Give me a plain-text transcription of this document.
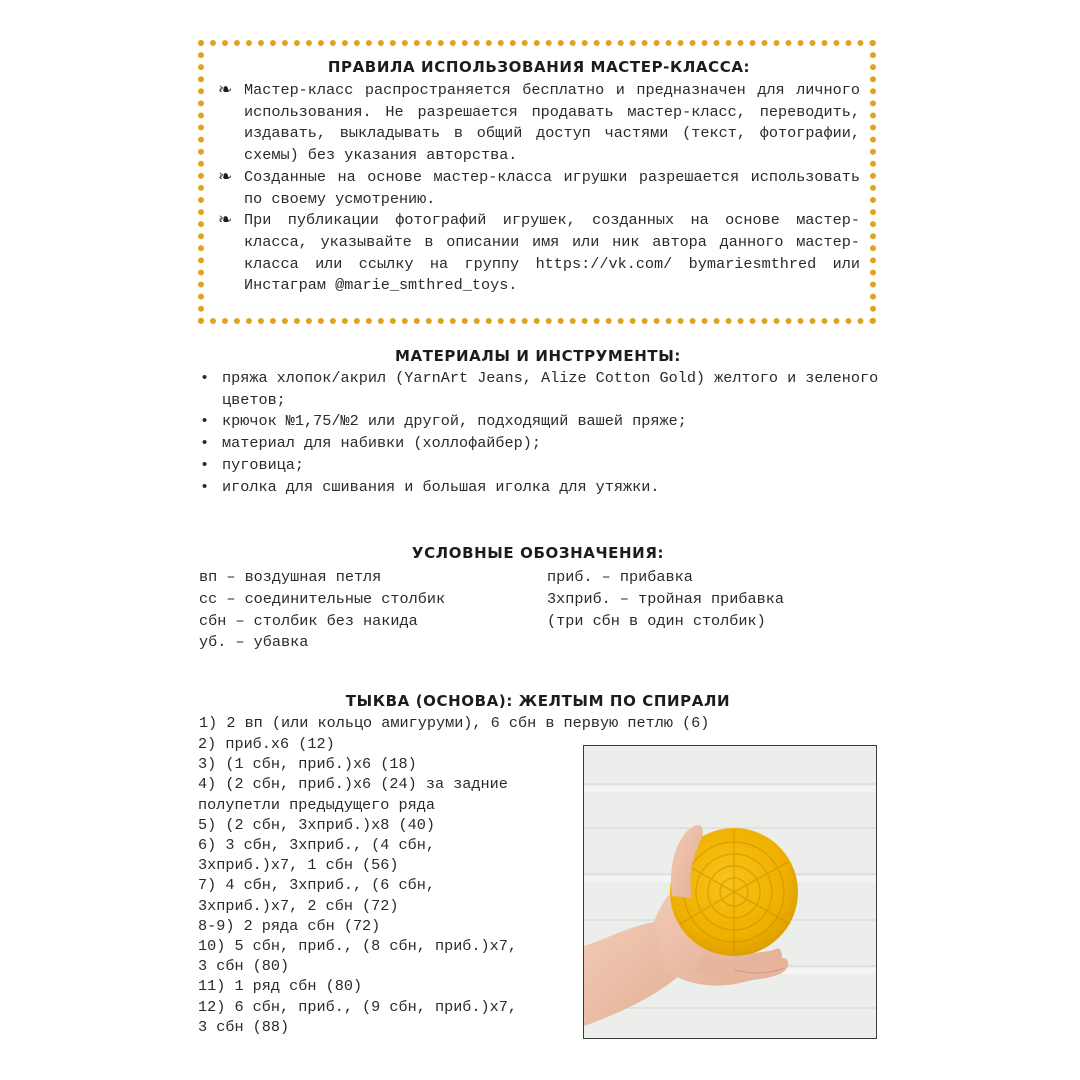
ПРАВИЛА ИСПОЛЬЗОВАНИЯ МАСТЕР-КЛАССА:
❧ Мастер-класс распространяется бесплатно и предназначен для личного использования. Не разрешается продавать мастер-класс, переводить, издавать, выкладывать в общий доступ частями (текст, фотографии, схемы) без указания авторства.
❧ Созданные на основе мастер-класса игрушки разрешается использовать по своему усмотрению.
❧ При публикации фотографий игрушек, созданных на основе мастер-класса, указывайте в описании имя или ник автора данного мастер-класса или ссылку на группу https://vk.com/ bymariesmthred или Инстаграм @marie_smthred_toys.
МАТЕРИАЛЫ И ИНСТРУМЕНТЫ:
• пряжа хлопок/акрил (YarnArt Jeans, Alize Cotton Gold) желтого и зеленого цветов;
• крючок №1,75/№2 или другой, подходящий вашей пряже;
• материал для набивки (холлофайбер);
• пуговица;
• иголка для сшивания и большая иголка для утяжки.
УСЛОВНЫЕ ОБОЗНАЧЕНИЯ:
вп – воздушная петля
сс – соединительные столбик
сбн – столбик без накида
уб. – убавка
приб. – прибавка
3хприб. – тройная прибавка
(три сбн в один столбик)
ТЫКВА (ОСНОВА): ЖЕЛТЫМ ПО СПИРАЛИ
1) 2 вп (или кольцо амигуруми), 6 сбн в первую петлю (6)
2) приб.х6 (12)
3) (1 сбн, приб.)х6 (18)
4) (2 сбн, приб.)х6 (24) за задние
полупетли предыдущего ряда
5) (2 сбн, 3хприб.)х8 (40)
6) 3 сбн, 3хприб., (4 сбн,
3хприб.)х7, 1 сбн (56)
7) 4 сбн, 3хприб., (6 сбн,
3хприб.)х7, 2 сбн (72)
8-9) 2 ряда сбн (72)
10) 5 сбн, приб., (8 сбн, приб.)х7,
3 сбн (80)
11) 1 ряд сбн (80)
12) 6 сбн, приб., (9 сбн, приб.)х7,
3 сбн (88)
